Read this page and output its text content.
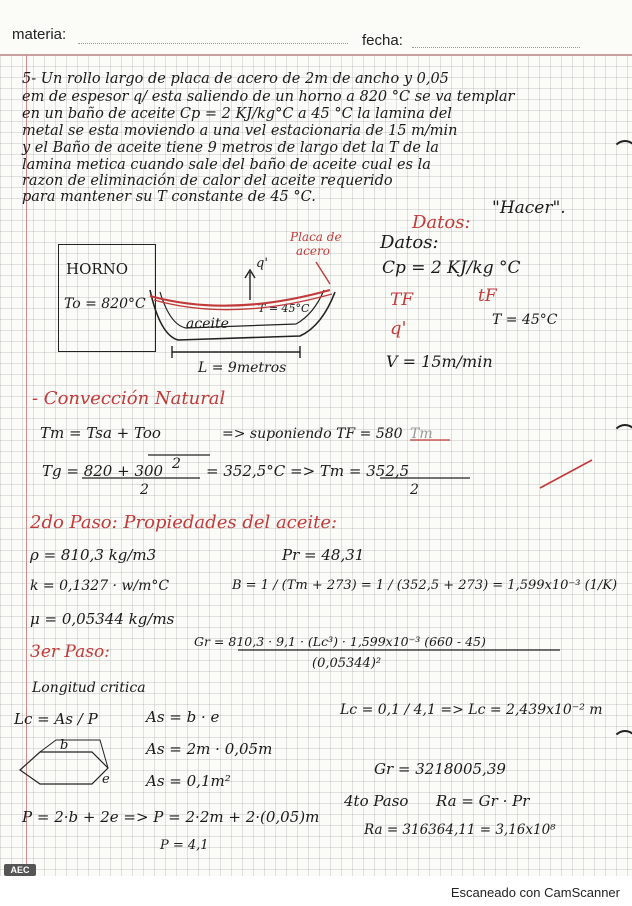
materia:	fecha:
5- Un rollo largo de placa de acero de 2m de ancho y 0,05
em de espesor q/ esta saliendo de un horno a 820 °C se va templar
en un baño de aceite Cp = 2 KJ/kg°C a 45 °C la lamina del
metal se esta moviendo a una vel estacionaria de 15 m/min
y el Baño de aceite tiene 9 metros de largo det la T de la
lamina metica cuando sale del baño de aceite cual es la
razon de eliminación de calor del aceite requerido
para mantener su T constante de 45 °C.
"Hacer".
Datos:
Datos:
Cp = 2 KJ/kg °C
TF	tF
q'	T = 45°C
V = 15m/min
HORNO
To = 820°C
Placa de
acero
q'
T = 45°C
aceite
L = 9metros
- Convección Natural
Tm = Tsa + Too
2
=> suponiendo TF = 580 Tm
Tg = 820 + 300
2
= 352,5°C => Tm = 352,5
2
2do Paso: Propiedades del aceite:
ρ = 810,3 kg/m3	Pr = 48,31
k = 0,1327 · w/m°C	B = 1 / (Tm + 273) = 1 / (352,5 + 273) = 1,599x10⁻³ (1/K)
μ = 0,05344 kg/ms
3er Paso:
Gr = 810,3 · 9,1 · (Lc³) · 1,599x10⁻³ (660 - 45)
(0,05344)²
Longitud critica
Lc = As / P	As = b · e
As = 2m · 0,05m
As = 0,1m²
Lc = 0,1 / 4,1 => Lc = 2,439x10⁻² m
b
e
Gr = 3218005,39
P = 2·b + 2e => P = 2·2m + 2·(0,05)m
P = 4,1
4to Paso Ra = Gr · Pr
Ra = 316364,11 = 3,16x10⁸
AEC
Escaneado con CamScanner
